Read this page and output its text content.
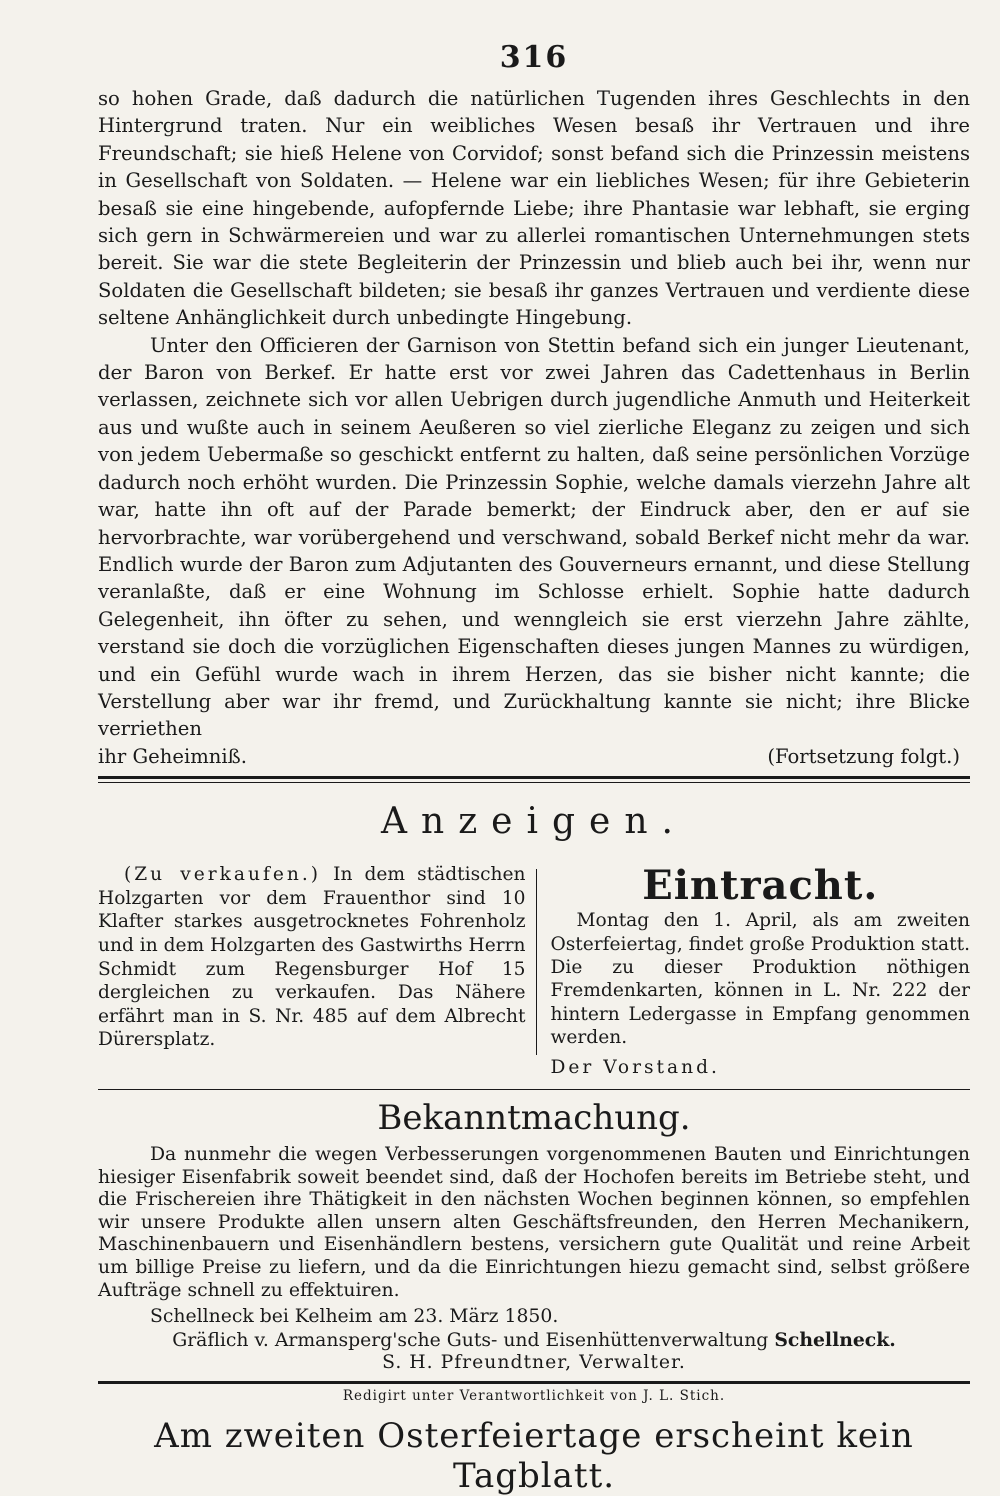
316

so hohen Grade, daß dadurch die natürlichen Tugenden ihres Geschlechts in den Hintergrund traten. Nur ein weibliches Wesen besaß ihr Vertrauen und ihre Freundschaft; sie hieß Helene von Corvidof; sonst befand sich die Prinzessin meistens in Gesellschaft von Soldaten. — Helene war ein liebliches Wesen; für ihre Gebieterin besaß sie eine hingebende, aufopfernde Liebe; ihre Phantasie war lebhaft, sie erging sich gern in Schwärmereien und war zu allerlei romantischen Unternehmungen stets bereit. Sie war die stete Begleiterin der Prinzessin und blieb auch bei ihr, wenn nur Soldaten die Gesellschaft bildeten; sie besaß ihr ganzes Vertrauen und verdiente diese seltene Anhänglichkeit durch unbedingte Hingebung.

Unter den Officieren der Garnison von Stettin befand sich ein junger Lieutenant, der Baron von Berkef. Er hatte erst vor zwei Jahren das Cadettenhaus in Berlin verlassen, zeichnete sich vor allen Uebrigen durch jugendliche Anmuth und Heiterkeit aus und wußte auch in seinem Aeußeren so viel zierliche Eleganz zu zeigen und sich von jedem Uebermaße so geschickt entfernt zu halten, daß seine persönlichen Vorzüge dadurch noch erhöht wurden. Die Prinzessin Sophie, welche damals vierzehn Jahre alt war, hatte ihn oft auf der Parade bemerkt; der Eindruck aber, den er auf sie hervorbrachte, war vorübergehend und verschwand, sobald Berkef nicht mehr da war. Endlich wurde der Baron zum Adjutanten des Gouverneurs ernannt, und diese Stellung veranlaßte, daß er eine Wohnung im Schlosse erhielt. Sophie hatte dadurch Gelegenheit, ihn öfter zu sehen, und wenngleich sie erst vierzehn Jahre zählte, verstand sie doch die vorzüglichen Eigenschaften dieses jungen Mannes zu würdigen, und ein Gefühl wurde wach in ihrem Herzen, das sie bisher nicht kannte; die Verstellung aber war ihr fremd, und Zurückhaltung kannte sie nicht; ihre Blicke verriethen

ihr Geheimniß.	(Fortsetzung folgt.)
Anzeigen.

(Zu verkaufen.) In dem städtischen Holzgarten vor dem Frauenthor sind 10 Klafter starkes ausgetrocknetes Fohrenholz und in dem Holzgarten des Gastwirths Herrn Schmidt zum Regensburger Hof 15 dergleichen zu verkaufen. Das Nähere erfährt man in S. Nr. 485 auf dem Albrecht Dürersplatz.

Eintracht.

Montag den 1. April, als am zweiten Osterfeiertag, findet große Produktion statt. Die zu dieser Produktion nöthigen Fremdenkarten, können in L. Nr. 222 der hintern Ledergasse in Empfang genommen werden.

Der Vorstand.

Bekanntmachung.

Da nunmehr die wegen Verbesserungen vorgenommenen Bauten und Einrichtungen hiesiger Eisenfabrik soweit beendet sind, daß der Hochofen bereits im Betriebe steht, und die Frischereien ihre Thätigkeit in den nächsten Wochen beginnen können, so empfehlen wir unsere Produkte allen unsern alten Geschäftsfreunden, den Herren Mechanikern, Maschinenbauern und Eisenhändlern bestens, versichern gute Qualität und reine Arbeit um billige Preise zu liefern, und da die Einrichtungen hiezu gemacht sind, selbst größere Aufträge schnell zu effektuiren.

Schellneck bei Kelheim am 23. März 1850.

Gräflich v. Armansperg'sche Guts- und Eisenhüttenverwaltung Schellneck.

S. H. Pfreundtner, Verwalter.

Redigirt unter Verantwortlichkeit von J. L. Stich.
Am zweiten Osterfeiertage erscheint kein Tagblatt.
